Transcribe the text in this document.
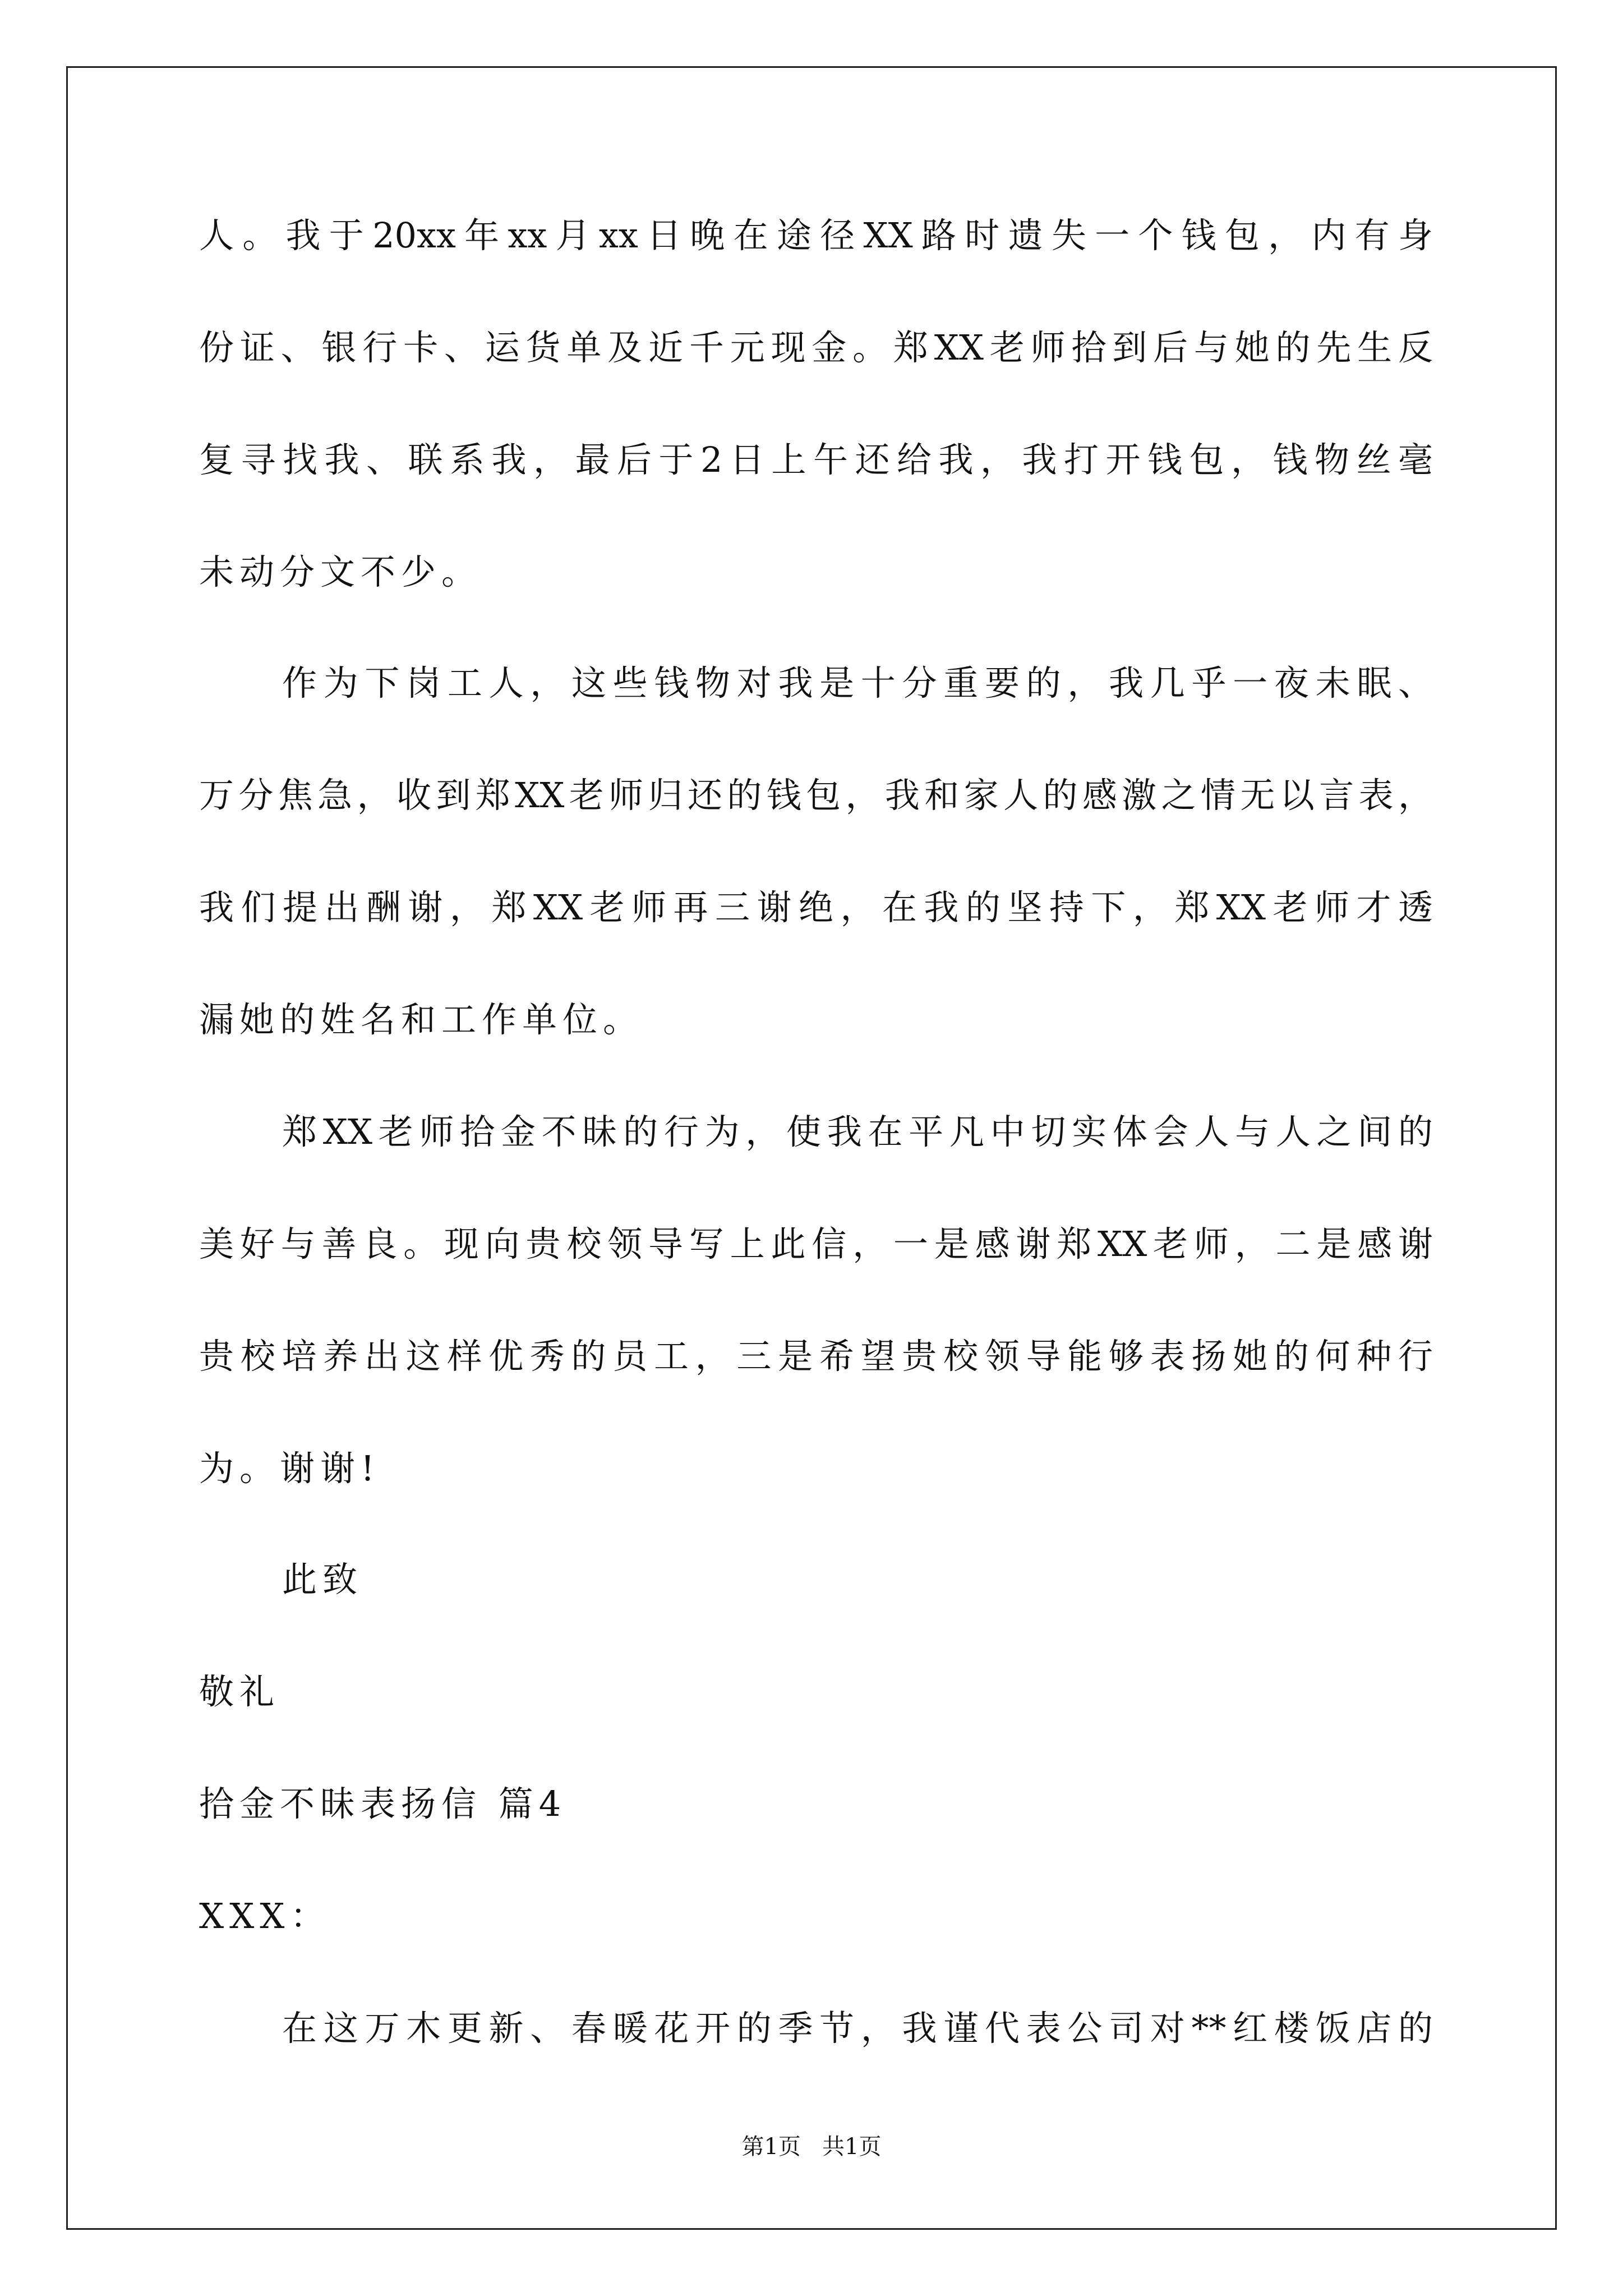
人。我于20xx年xx月xx日晚在途径XX路时遗失一个钱包，内有身
份证、银行卡、运货单及近千元现金。郑XX老师拾到后与她的先生反
复寻找我、联系我，最后于2日上午还给我，我打开钱包，钱物丝毫
未动分文不少。
作为下岗工人，这些钱物对我是十分重要的，我几乎一夜未眠、
万分焦急，收到郑XX老师归还的钱包，我和家人的感激之情无以言表，
我们提出酬谢，郑XX老师再三谢绝，在我的坚持下，郑XX老师才透
漏她的姓名和工作单位。
郑XX老师拾金不昧的行为，使我在平凡中切实体会人与人之间的
美好与善良。现向贵校领导写上此信，一是感谢郑XX老师，二是感谢
贵校培养出这样优秀的员工，三是希望贵校领导能够表扬她的何种行
为。谢谢!
此致
敬礼
拾金不昧表扬信 篇4
XXX：
在这万木更新、春暖花开的季节，我谨代表公司对**红楼饭店的
第1页   共1页
